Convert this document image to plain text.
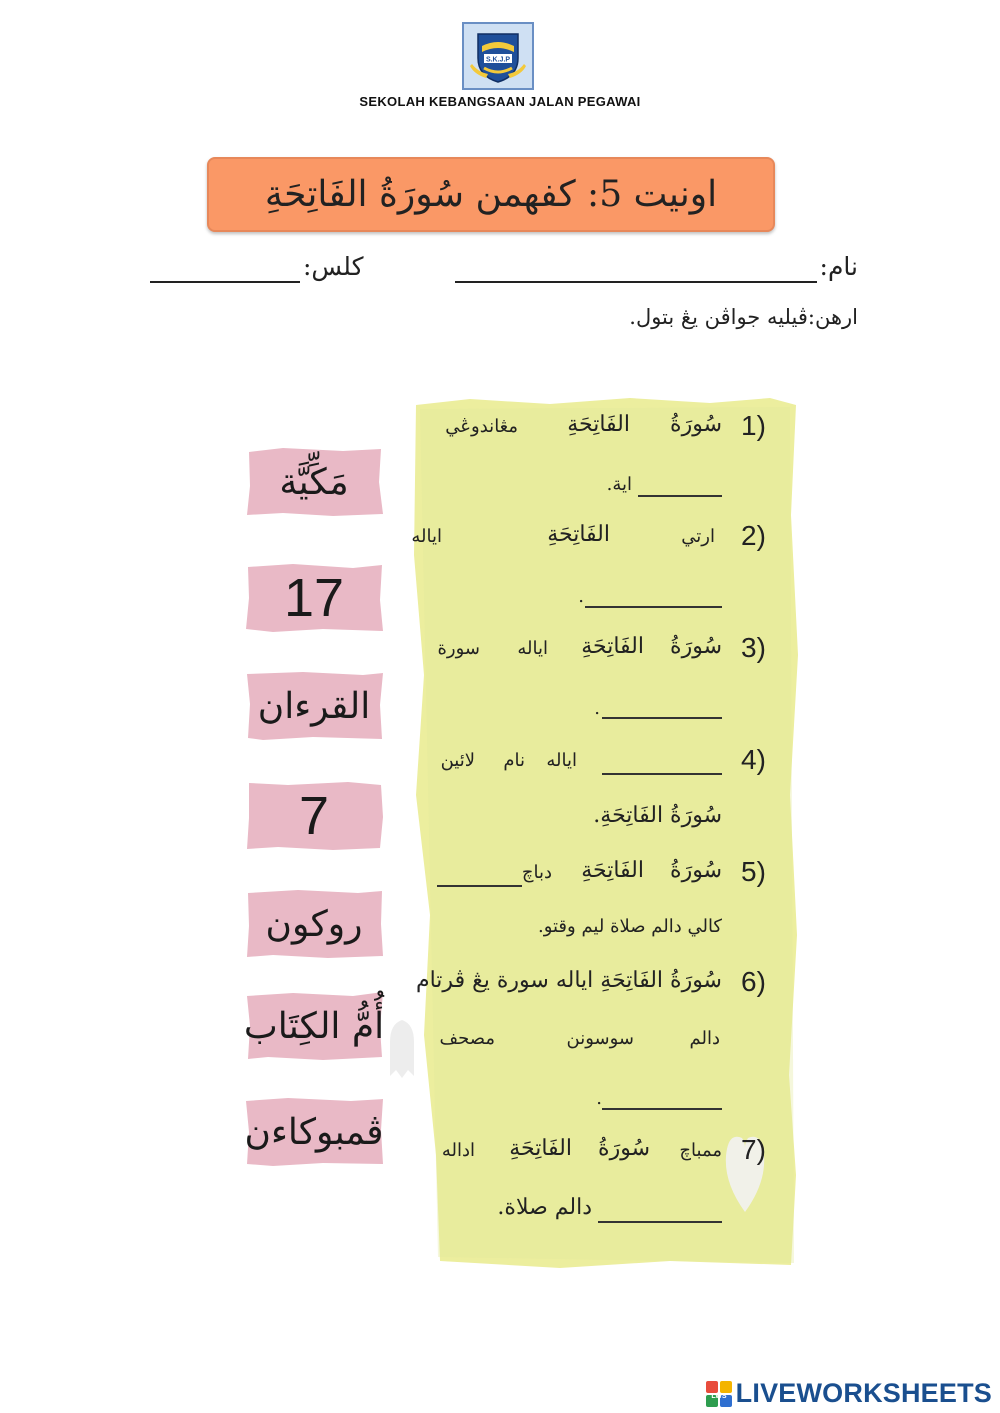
S.K.J.P
SEKOLAH KEBANGSAAN JALAN PEGAWAI
اونيت 5: كفهمن سُورَةُ الفَاتِحَةِ
نام:
كلس:
ارهن:ڤيليه جواڤن يڠ بتول.
1)
سُورَةُ
الفَاتِحَةِ
مڠاندوڠي
اية.
2)
ارتي
الفَاتِحَةِ
اياله
.
3)
سُورَةُ
الفَاتِحَةِ
اياله
سورة
.
4)
اياله
نام
لائين
سُورَةُ الفَاتِحَةِ.
5)
سُورَةُ
الفَاتِحَةِ
دباچ
كالي دالم صلاة ليم وقتو.
6)
سُورَةُ الفَاتِحَةِ اياله سورة يڠ ڤرتام
دالم
سوسونن
مصحف
.
7)
ممباچ
سُورَةُ
الفَاتِحَةِ
اداله
دالم صلاة.
مَكِّيَّة
17
القرءان
7
روكون
أُمُّ الكِتَاب
ڤمبوكاءن
LWS LIVEWORKSHEETS
